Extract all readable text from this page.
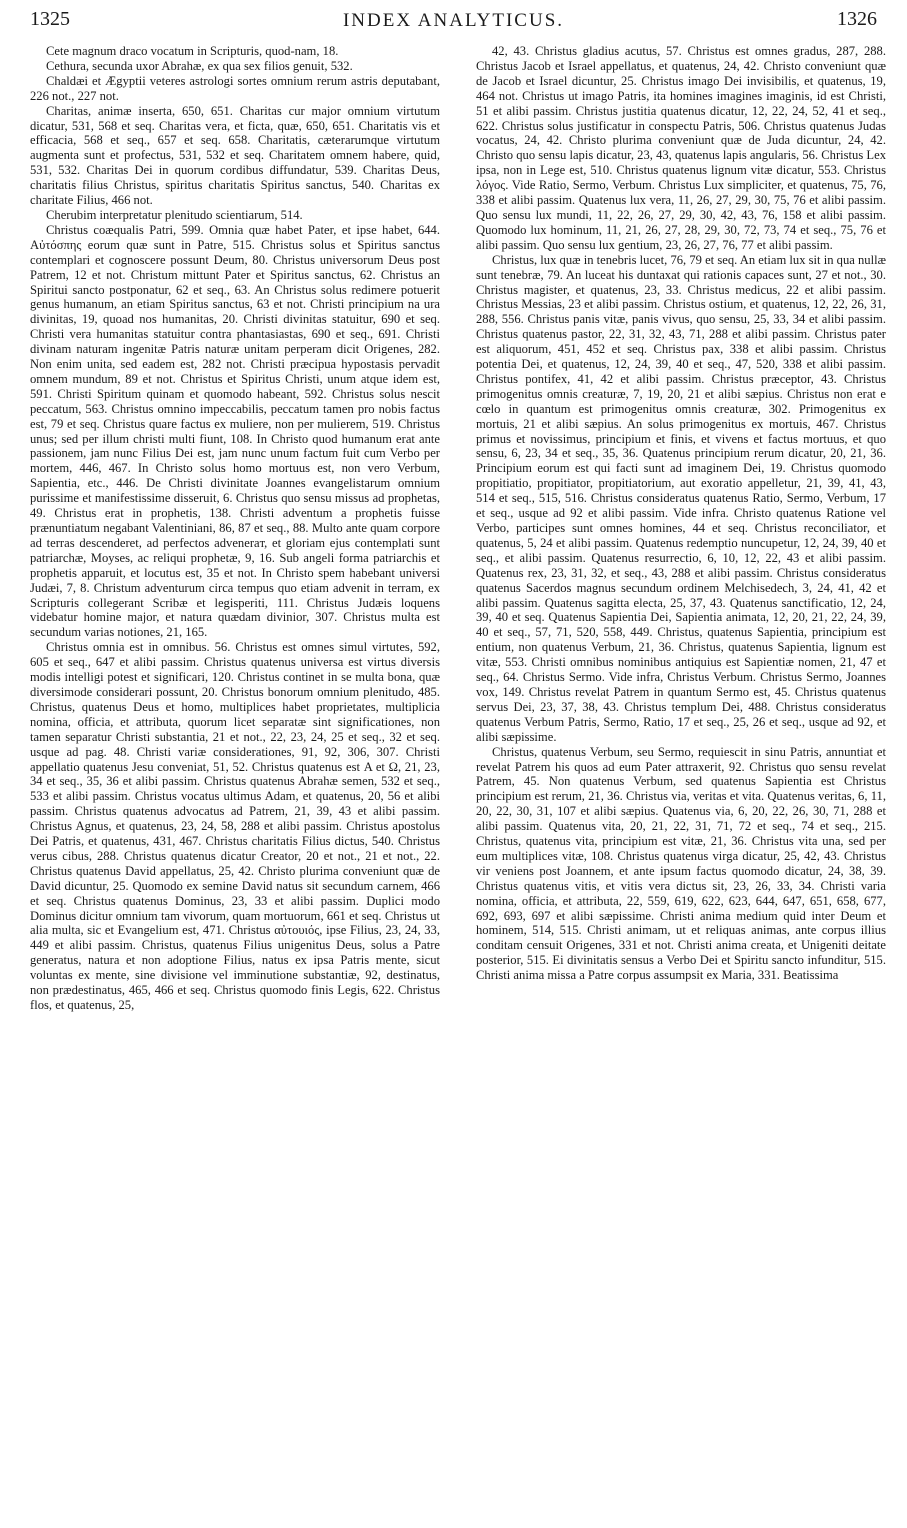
1325	INDEX ANALYTICUS.	1326

Cete magnum draco vocatum in Scripturis, quod-nam, 18.

Cethura, secunda uxor Abrahæ, ex qua sex filios genuit, 532.

Chaldæi et Ægyptii veteres astrologi sortes omnium rerum astris deputabant, 226 not., 227 not.

Charitas, animæ inserta, 650, 651. Charitas cur major omnium virtutum dicatur, 531, 568 et seq. Charitas vera, et ficta, quæ, 650, 651. Charitatis vis et efficacia, 568 et seq., 657 et seq. 658. Charitatis, cæterarumque virtutum augmenta sunt et profectus, 531, 532 et seq. Charitatem omnem habere, quid, 531, 532. Charitas Dei in quorum cordibus diffundatur, 539. Charitas Deus, charitatis filius Christus, spiritus charitatis Spiritus sanctus, 540. Charitas ex charitate Filius, 466 not.

Cherubim interpretatur plenitudo scientiarum, 514.

Christus coæqualis Patri, 599. Omnia quæ habet Pater, et ipse habet, 644. Αὐτόσπης eorum quæ sunt in Patre, 515. Christus solus et Spiritus sanctus contemplari et cognoscere possunt Deum, 80. Christus universorum Deus post Patrem, 12 et not. Christum mittunt Pater et Spiritus sanctus, 62. Christus an Spiritui sancto postponatur, 62 et seq., 63. An Christus solus redimere potuerit genus humanum, an etiam Spiritus sanctus, 63 et not. Christi principium na ura divinitas, 19, quoad nos humanitas, 20. Christi divinitas statuitur, 690 et seq. Christi vera humanitas statuitur contra phantasiastas, 690 et seq., 691. Christi divinam naturam ingenitæ Patris naturæ unitam perperam dicit Origenes, 282. Non enim unita, sed eadem est, 282 not. Christi præcipua hypostasis pervadit omnem mundum, 89 et not. Christus et Spiritus Christi, unum atque idem est, 591. Christi Spiritum quinam et quomodo habeant, 592. Christus solus nescit peccatum, 563. Christus omnino impeccabilis, peccatum tamen pro nobis factus est, 79 et seq. Christus quare factus ex muliere, non per mulierem, 519. Christus unus; sed per illum christi multi fiunt, 108. In Christo quod humanum erat ante passionem, jam nunc Filius Dei est, jam nunc unum factum fuit cum Verbo per mortem, 446, 467. In Christo solus homo mortuus est, non vero Verbum, Sapientia, etc., 446. De Christi divinitate Joannes evangelistarum omnium purissime et manifestissime disseruit, 6. Christus quo sensu missus ad prophetas, 49. Christus erat in prophetis, 138. Christi adventum a prophetis fuisse prænuntiatum negabant Valentiniani, 86, 87 et seq., 88. Multo ante quam corpore ad terras descenderet, ad perfectos adveneraт, et gloriam ejus contemplati sunt patriarchæ, Moyses, ac reliqui prophetæ, 9, 16. Sub angeli forma patriarchis et prophetis apparuit, et locutus est, 35 et not. In Christo spem habebant universi Judæi, 7, 8. Christum adventurum circa tempus quo etiam advenit in terram, ex Scripturis collegerant Scribæ et legisperiti, 111. Christus Judæis loquens videbatur homine major, et natura quædam divinior, 307. Christus multa est secundum varias notiones, 21, 165.

Christus omnia est in omnibus. 56. Christus est omnes simul virtutes, 592, 605 et seq., 647 et alibi passim. Christus quatenus universa est virtus diversis modis intelligi potest et significari, 120. Christus continet in se multa bona, quæ diversimode considerari possunt, 20. Christus bonorum omnium plenitudo, 485. Christus, quatenus Deus et homo, multiplices habet proprietates, multiplicia nomina, officia, et attributa, quorum licet separatæ sint significationes, non tamen separatur Christi substantia, 21 et not., 22, 23, 24, 25 et seq., 32 et seq. usque ad pag. 48. Christi variæ considerationes, 91, 92, 306, 307. Christi appellatio quatenus Jesu conveniat, 51, 52. Christus quatenus est Α et Ω, 21, 23, 34 et seq., 35, 36 et alibi passim. Christus quatenus Abrahæ semen, 532 et seq., 533 et alibi passim. Christus vocatus ultimus Adam, et quatenus, 20, 56 et alibi passim. Christus quatenus advocatus ad Patrem, 21, 39, 43 et alibi passim. Christus Agnus, et quatenus, 23, 24, 58, 288 et alibi passim. Christus apostolus Dei Patris, et quatenus, 431, 467. Christus charitatis Filius dictus, 540. Christus verus cibus, 288. Christus quatenus dicatur Creator, 20 et not., 21 et not., 22. Christus quatenus David appellatus, 25, 42. Christo plurima conveniunt quæ de David dicuntur, 25. Quomodo ex semine David natus sit secundum carnem, 466 et seq. Christus quatenus Dominus, 23, 33 et alibi passim. Duplici modo Dominus dicitur omnium tam vivorum, quam mortuorum, 661 et seq. Christus ut alia multa, sic et Evangelium est, 471. Christus αὐτουιός, ipse Filius, 23, 24, 33, 449 et alibi passim. Christus, quatenus Filius unigenitus Deus, solus a Patre generatus, natura et non adoptione Filius, natus ex ipsa Patris mente, sicut voluntas ex mente, sine divisione vel imminutione substantiæ, 92, destinatus, non prædestinatus, 465, 466 et seq. Christus quomodo finis Legis, 622. Christus flos, et quatenus, 25,

42, 43. Christus gladius acutus, 57. Christus est omnes gradus, 287, 288. Christus Jacob et Israel appellatus, et quatenus, 24, 42. Christo conveniunt quæ de Jacob et Israel dicuntur, 25. Christus imago Dei invisibilis, et quatenus, 19, 464 not. Christus ut imago Patris, ita homines imagines imaginis, id est Christi, 51 et alibi passim. Christus justitia quatenus dicatur, 12, 22, 24, 52, 41 et seq., 622. Christus solus justificatur in conspectu Patris, 506. Christus quatenus Judas vocatus, 24, 42. Christo plurima conveniunt quæ de Juda dicuntur, 24, 42. Christo quo sensu lapis dicatur, 23, 43, quatenus lapis angularis, 56. Christus Lex ipsa, non in Lege est, 510. Christus quatenus lignum vitæ dicatur, 553. Christus λόγος. Vide Ratio, Sermo, Verbum. Christus Lux simpliciter, et quatenus, 75, 76, 338 et alibi passim. Quatenus lux vera, 11, 26, 27, 29, 30, 75, 76 et alibi passim. Quo sensu lux mundi, 11, 22, 26, 27, 29, 30, 42, 43, 76, 158 et alibi passim. Quomodo lux hominum, 11, 21, 26, 27, 28, 29, 30, 72, 73, 74 et seq., 75, 76 et alibi passim. Quo sensu lux gentium, 23, 26, 27, 76, 77 et alibi passim.

Christus, lux quæ in tenebris lucet, 76, 79 et seq. An etiam lux sit in qua nullæ sunt tenebræ, 79. An luceat his duntaxat qui rationis capaces sunt, 27 et not., 30. Christus magister, et quatenus, 23, 33. Christus medicus, 22 et alibi passim. Christus Messias, 23 et alibi passim. Christus ostium, et quatenus, 12, 22, 26, 31, 288, 556. Christus panis vitæ, panis vivus, quo sensu, 25, 33, 34 et alibi passim. Christus quatenus pastor, 22, 31, 32, 43, 71, 288 et alibi passim. Christus pater est aliquorum, 451, 452 et seq. Christus pax, 338 et alibi passim. Christus potentia Dei, et quatenus, 12, 24, 39, 40 et seq., 47, 520, 338 et alibi passim. Christus pontifex, 41, 42 et alibi passim. Christus præceptor, 43. Christus primogenitus omnis creaturæ, 7, 19, 20, 21 et alibi sæpius. Christus non erat e cœlo in quantum est primogenitus omnis creaturæ, 302. Primogenitus ex mortuis, 21 et alibi sæpius. An solus primogenitus ex mortuis, 467. Christus primus et novissimus, principium et finis, et vivens et factus mortuus, et quo sensu, 6, 23, 34 et seq., 35, 36. Quatenus principium rerum dicatur, 20, 21, 36. Principium eorum est qui facti sunt ad imaginem Dei, 19. Christus quomodo propitiatio, propitiator, propitiatorium, aut exoratio appelletur, 21, 39, 41, 43, 514 et seq., 515, 516. Christus consideratus quatenus Ratio, Sermo, Verbum, 17 et seq., usque ad 92 et alibi passim. Vide infra. Christo quatenus Ratione vel Verbo, participes sunt omnes homines, 44 et seq. Christus reconciliator, et quatenus, 5, 24 et alibi passim. Quatenus redemptio nuncupetur, 12, 24, 39, 40 et seq., et alibi passim. Quatenus resurrectio, 6, 10, 12, 22, 43 et alibi passim. Quatenus rex, 23, 31, 32, et seq., 43, 288 et alibi passim. Christus consideratus quatenus Sacerdos magnus secundum ordinem Melchisedech, 3, 24, 41, 42 et alibi passim. Quatenus sagitta electa, 25, 37, 43. Quatenus sanctificatio, 12, 24, 39, 40 et seq. Quatenus Sapientia Dei, Sapientia animata, 12, 20, 21, 22, 24, 39, 40 et seq., 57, 71, 520, 558, 449. Christus, quatenus Sapientia, principium est entium, non quatenus Verbum, 21, 36. Christus, quatenus Sapientia, lignum est vitæ, 553. Christi omnibus nominibus antiquius est Sapientiæ nomen, 21, 47 et seq., 64. Christus Sermo. Vide infra, Christus Verbum. Christus Sermo, Joannes vox, 149. Christus revelat Patrem in quantum Sermo est, 45. Christus quatenus servus Dei, 23, 37, 38, 43. Christus templum Dei, 488. Christus consideratus quatenus Verbum Patris, Sermo, Ratio, 17 et seq., 25, 26 et seq., usque ad 92, et alibi sæpissime.

Christus, quatenus Verbum, seu Sermo, requiescit in sinu Patris, annuntiat et revelat Patrem his quos ad eum Pater attraxerit, 92. Christus quo sensu revelat Patrem, 45. Non quatenus Verbum, sed quatenus Sapientia est Christus principium est rerum, 21, 36. Christus via, veritas et vita. Quatenus veritas, 6, 11, 20, 22, 30, 31, 107 et alibi sæpius. Quatenus via, 6, 20, 22, 26, 30, 71, 288 et alibi passim. Quatenus vita, 20, 21, 22, 31, 71, 72 et seq., 74 et seq., 215. Christus, quatenus vita, principium est vitæ, 21, 36. Christus vita una, sed per eum multiplices vitæ, 108. Christus quatenus virga dicatur, 25, 42, 43. Christus vir veniens post Joannem, et ante ipsum factus quomodo dicatur, 24, 38, 39. Christus quatenus vitis, et vitis vera dictus sit, 23, 26, 33, 34. Christi varia nomina, officia, et attributa, 22, 559, 619, 622, 623, 644, 647, 651, 658, 677, 692, 693, 697 et alibi sæpissime. Christi anima medium quid inter Deum et hominem, 514, 515. Christi animam, ut et reliquas animas, ante corpus illius conditam censuit Origenes, 331 et not. Christi anima creata, et Unigeniti deitate posterior, 515. Ei divinitatis sensus a Verbo Dei et Spiritu sancto infunditur, 515. Christi anima missa a Patre corpus assumpsit ex Maria, 331. Beatissima
